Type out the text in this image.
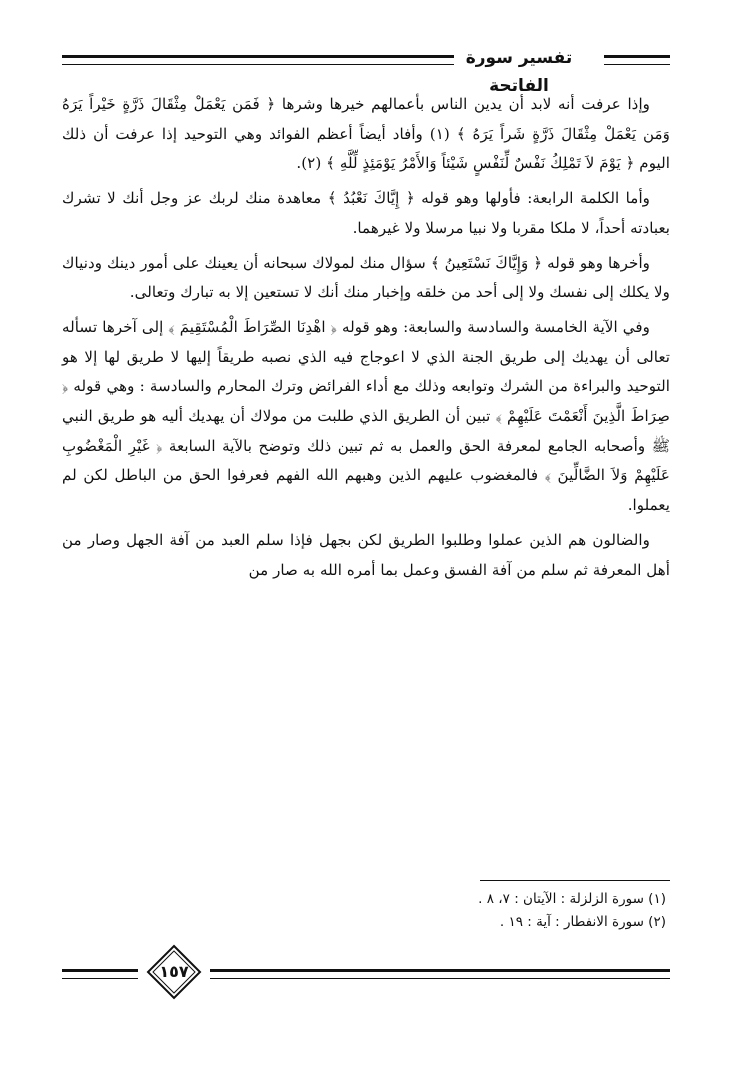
تفسير سورة الفاتحة

وإذا عرفت أنه لابد أن يدين الناس بأعمالهم خيرها وشرها ﴿ فَمَن يَعْمَلْ مِثْقَالَ ذَرَّةٍ خَيْراً يَرَهُ وَمَن يَعْمَلْ مِثْقَالَ ذَرَّةٍ شَراً يَرَهُ ﴾ (١) وأفاد أيضاً أعظم الفوائد وهي التوحيد إذا عرفت أن ذلك اليوم ﴿ يَوْمَ لاَ تَمْلِكُ نَفْسٌ لِّنَفْسٍ شَيْئاً وَالأَمْرُ يَوْمَئِذٍ لِّلَّهِ ﴾ (٢).

وأما الكلمة الرابعة: فأولها وهو قوله ﴿ إِيَّاكَ نَعْبُدُ ﴾ معاهدة منك لربك عز وجل أنك لا تشرك بعبادته أحداً، لا ملكا مقربا ولا نبيا مرسلا ولا غيرهما.

وأخرها وهو قوله ﴿ وَإِيَّاكَ نَسْتَعِينُ ﴾ سؤال منك لمولاك سبحانه أن يعينك على أمور دينك ودنياك ولا يكلك إلى نفسك ولا إلى أحد من خلقه وإخبار منك أنك لا تستعين إلا به تبارك وتعالى.

وفي الآية الخامسة والسادسة والسابعة: وهو قوله ﴿ اهْدِنَا الصِّرَاطَ الْمُسْتَقِيمَ ﴾ إلى آخرها تسأله تعالى أن يهديك إلى طريق الجنة الذي لا اعوجاج فيه الذي نصبه طريقاً إليها لا طريق لها إلا هو التوحيد والبراءة من الشرك وتوابعه وذلك مع أداء الفرائض وترك المحارم والسادسة : وهي قوله ﴿ صِرَاطَ الَّذِينَ أَنْعَمْتَ عَلَيْهِمْ ﴾ تبين أن الطريق الذي طلبت من مولاك أن يهديك أليه هو طريق النبي ﷺ وأصحابه الجامع لمعرفة الحق والعمل به ثم تبين ذلك وتوضح بالآية السابعة ﴿ غَيْرِ الْمَغْضُوبِ عَلَيْهِمْ وَلاَ الضَّالِّينَ ﴾ فالمغضوب عليهم الذين وهبهم الله الفهم فعرفوا الحق من الباطل لكن لم يعملوا.

والضالون هم الذين عملوا وطلبوا الطريق لكن بجهل فإذا سلم العبد من آفة الجهل وصار من أهل المعرفة ثم سلم من آفة الفسق وعمل بما أمره الله به صار من

(١) سورة الزلزلة : الآيتان : ٧، ٨ .
(٢) سورة الانفطار : آية : ١٩ .
١٥٧
